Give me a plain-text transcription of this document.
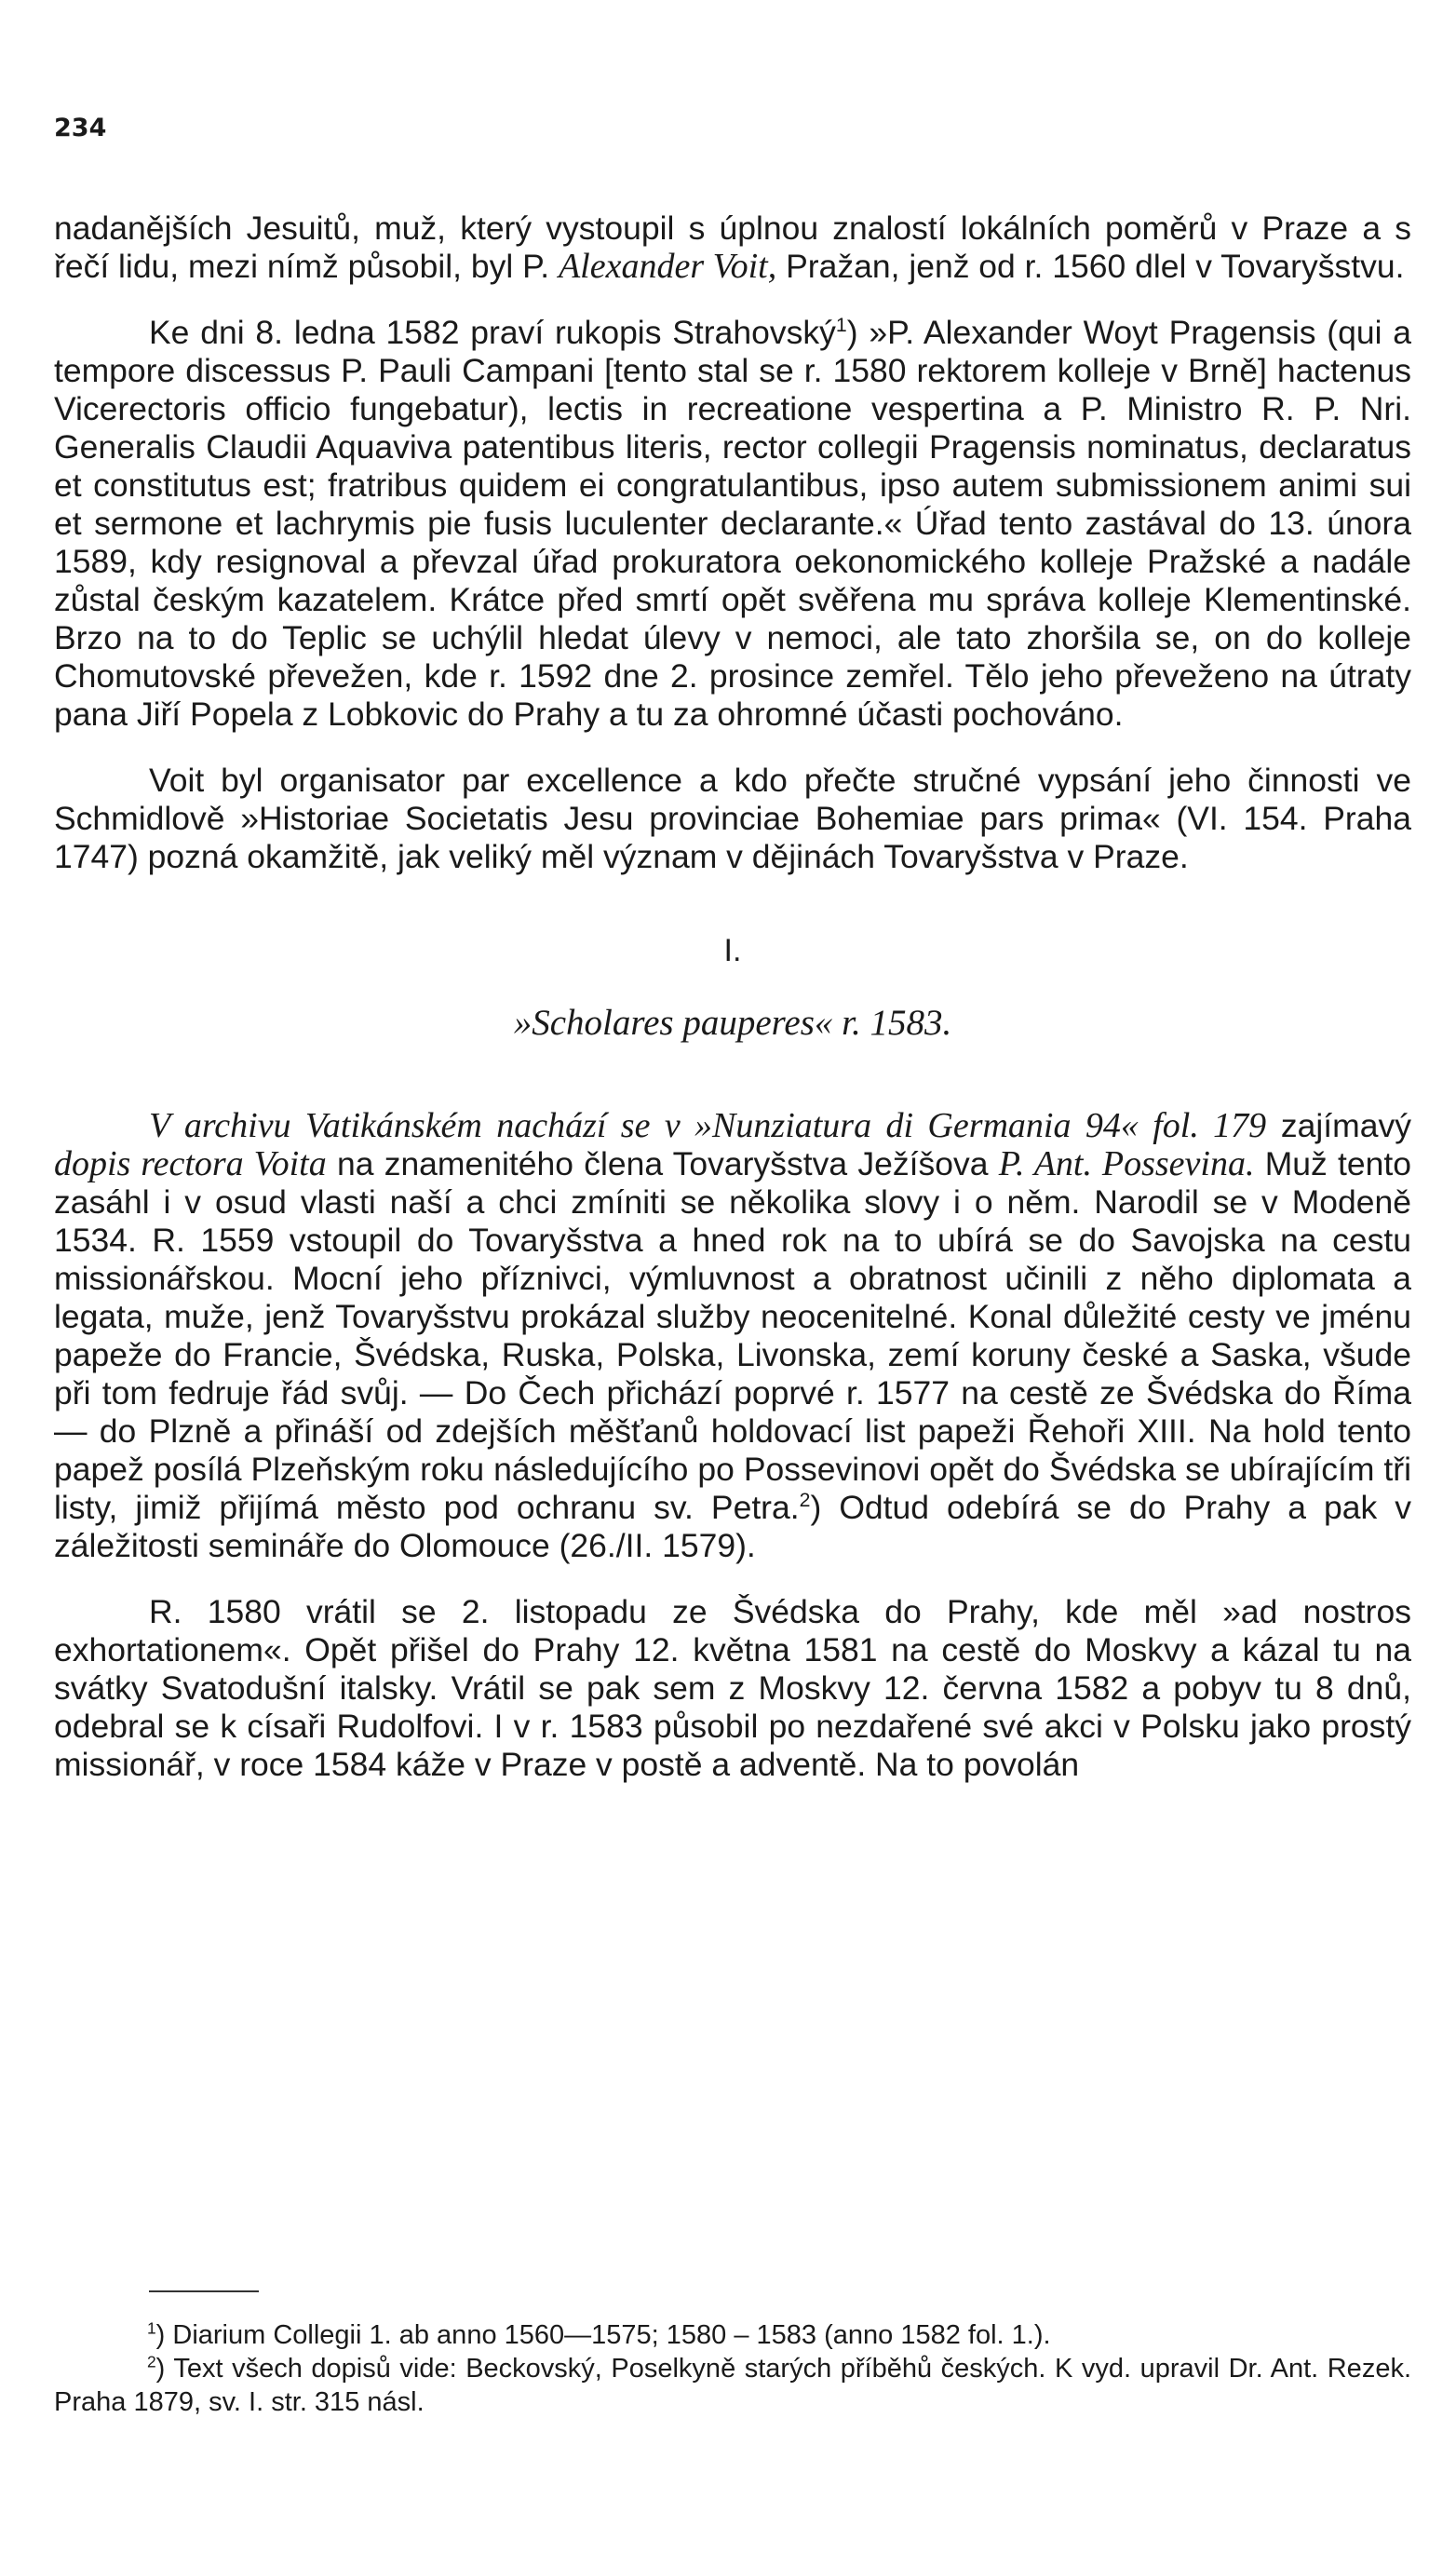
234

nadanějších Jesuitů, muž, který vystoupil s úplnou znalostí lokálních poměrů v Praze a s řečí lidu, mezi nímž působil, byl P. Alexander Voit, Pražan, jenž od r. 1560 dlel v Tovaryšstvu.

Ke dni 8. ledna 1582 praví rukopis Strahovský$^1$) »P. Alexander Woyt Pragensis (qui a tempore discessus P. Pauli Campani [tento stal se r. 1580 rektorem kolleje v Brně] hactenus Vicerectoris officio fungebatur), lectis in recreatione vespertina a P. Ministro R. P. Nri. Generalis Claudii Aquaviva patentibus literis, rector collegii Pragensis nominatus, declaratus et constitutus est; fratribus quidem ei congratulantibus, ipso autem submissionem animi sui et sermone et lachrymis pie fusis luculenter declarante.« Úřad tento zastával do 13. února 1589, kdy resignoval a převzal úřad prokuratora oekonomického kolleje Pražské a nadále zůstal českým kazatelem. Krátce před smrtí opět svěřena mu správa kolleje Klementinské. Brzo na to do Teplic se uchýlil hledat úlevy v nemoci, ale tato zhoršila se, on do kolleje Chomutovské převežen, kde r. 1592 dne 2. prosince zemřel. Tělo jeho převeženo na útraty pana Jiří Popela z Lobkovic do Prahy a tu za ohromné účasti pochováno.

Voit byl organisator par excellence a kdo přečte stručné vypsání jeho činnosti ve Schmidlově »Historiae Societatis Jesu provinciae Bohemiae pars prima« (VI. 154. Praha 1747) pozná okamžitě, jak veliký měl význam v dějinách Tovaryšstva v Praze.

I.
»Scholares pauperes« r. 1583.

V archivu Vatikánském nachází se v »Nunziatura di Germania 94« fol. 179 zajímavý dopis rectora Voita na znamenitého člena Tovaryšstva Ježíšova P. Ant. Possevina. Muž tento zasáhl i v osud vlasti naší a chci zmíniti se několika slovy i o něm. Narodil se v Modeně 1534. R. 1559 vstoupil do Tovaryšstva a hned rok na to ubírá se do Savojska na cestu missionářskou. Mocní jeho příznivci, výmluvnost a obratnost učinili z něho diplomata a legata, muže, jenž Tovaryšstvu prokázal služby neocenitelné. Konal důležité cesty ve jménu papeže do Francie, Švédska, Ruska, Polska, Livonska, zemí koruny české a Saska, všude při tom fedruje řád svůj. — Do Čech přichází poprvé r. 1577 na cestě ze Švédska do Říma — do Plzně a přináší od zdejších měšťanů holdovací list papeži Řehoři XIII. Na hold tento papež posílá Plzeňským roku následujícího po Possevinovi opět do Švédska se ubírajícím tři listy, jimiž přijímá město pod ochranu sv. Petra.$^2$) Odtud odebírá se do Prahy a pak v záležitosti semináře do Olomouce (26./II. 1579).

R. 1580 vrátil se 2. listopadu ze Švédska do Prahy, kde měl »ad nostros exhortationem«. Opět přišel do Prahy 12. května 1581 na cestě do Moskvy a kázal tu na svátky Svatodušní italsky. Vrátil se pak sem z Moskvy 12. června 1582 a pobyv tu 8 dnů, odebral se k císaři Rudolfovi. I v r. 1583 působil po nezdařené své akci v Polsku jako prostý missionář, v roce 1584 káže v Praze v postě a adventě. Na to povolán

$^1$) Diarium Collegii 1. ab anno 1560—1575; 1580 – 1583 (anno 1582 fol. 1.).
$^2$) Text všech dopisů vide: Beckovský, Poselkyně starých příběhů českých. K vyd. upravil Dr. Ant. Rezek. Praha 1879, sv. I. str. 315 násl.
